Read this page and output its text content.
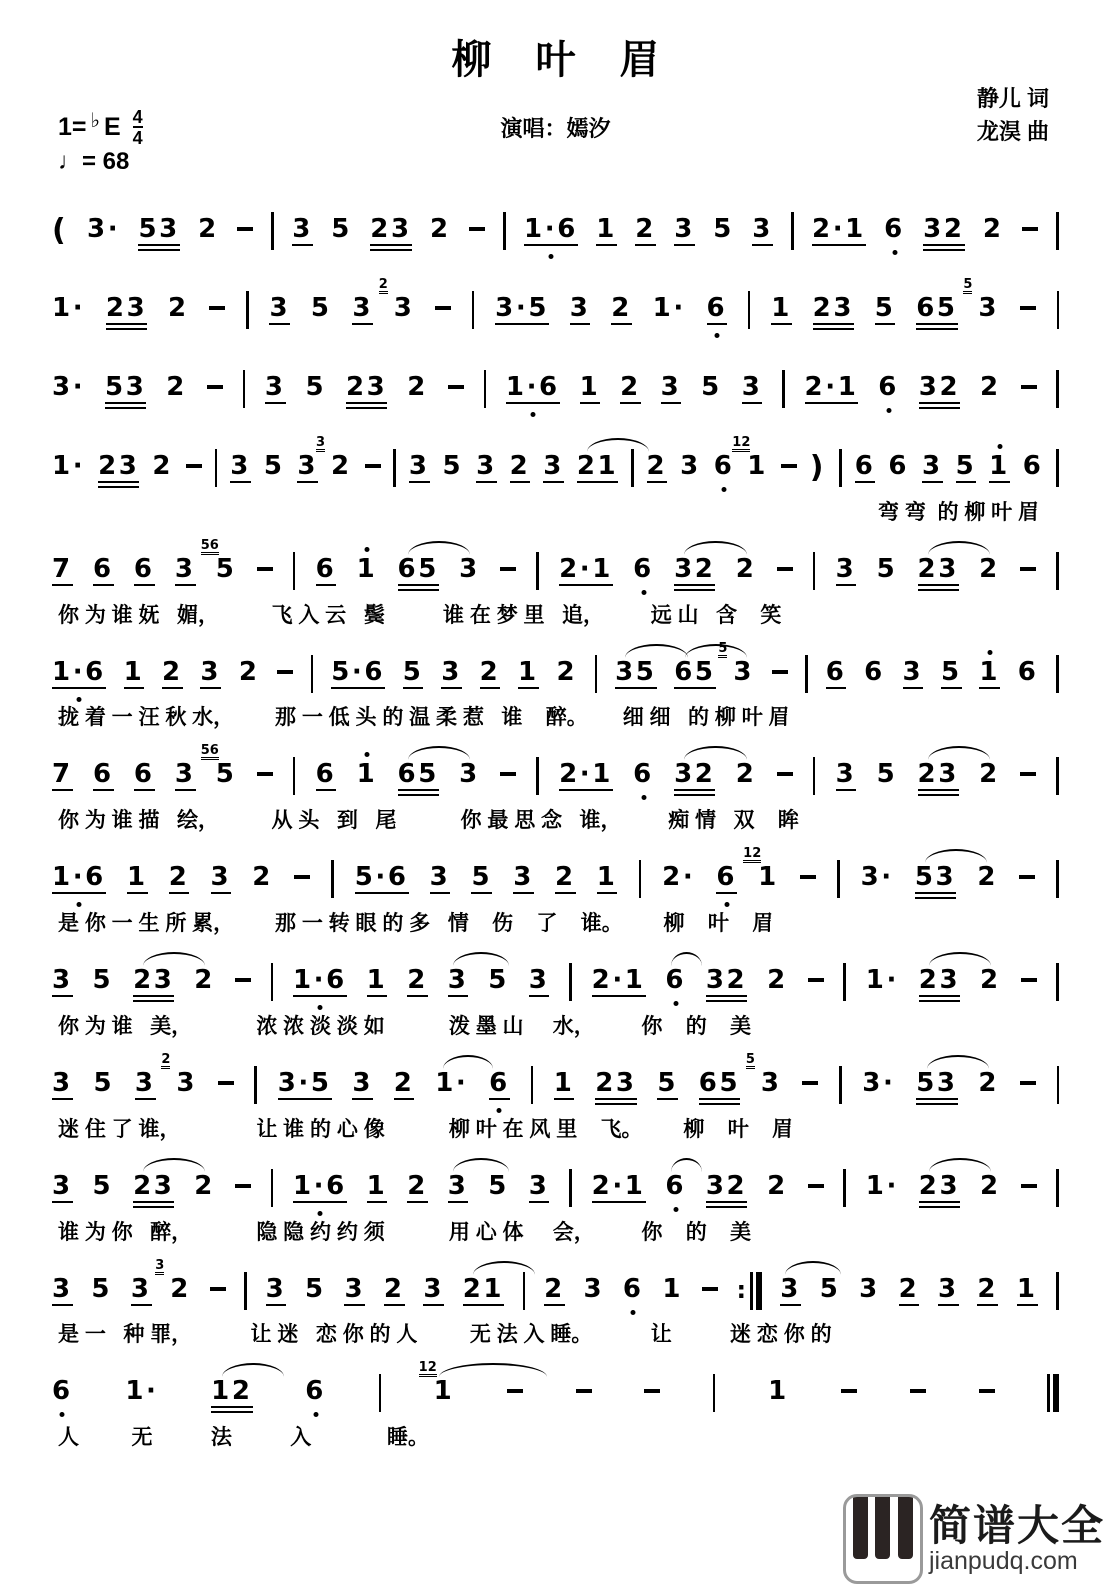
柳叶眉
静儿 词
龙淏 曲
演唱：嫣汐
1= ♭ E 4
4
♩= 68
( 3· 53 2	3 5 23 2	1·6 1 2 3 5 3 2·1 6 32 2
1· 23 2	3 5 3 3
2
3·5 3 2 1· 6 1 23 5 65 3
5
3· 53 2	3 5 23 2	1·6 1 2 3 5 3 2·1 6 32 2
1· 23 2 3 5 3 2
3
3 5 3 2 3 21 2 3 6 1
12
) 6 6 3 5 1 6
弯 弯  的 柳 叶 眉
7 6 6 3 5
56
6 1 65 3	2·1 6 32 2	3 5 23 2
你 为 谁 妩   媚，         飞 入 云   鬓          谁 在 梦 里   追，        远 山   含    笑
1·6 1 2 3 2	5·6 5 3 2 1 2 35 65 3
5
6 6 3 5 1 6
拢 着 一 汪 秋 水，       那 一 低 头 的 温 柔 惹   谁    醉。      细 细   的 柳 叶 眉
7 6 6 3 5
56
6 1 65 3	2·1 6 32 2	3 5 23 2
你 为 谁 描   绘，         从 头   到   尾           你 最 思 念   谁，        痴 情   双    眸
1·6 1 2 3 2	5·6 3 5 3 2 1 2· 6 1
12
3· 53 2
是 你 一 生 所 累，       那 一 转 眼 的 多   情    伤    了    谁。       柳    叶    眉
3 5 23 2	1·6 1 2 3 5 3 2·1 6 32 2	1· 23 2
你 为 谁   美，           浓 浓 淡 淡 如           泼 墨 山     水，        你    的    美
3 5 3 3
2
3·5 3 2 1· 6 1 23 5 65 3
5
3· 53 2
迷 住 了 谁，             让 谁 的 心 像           柳 叶 在 风 里    飞。       柳    叶    眉
3 5 23 2	1·6 1 2 3 5 3 2·1 6 32 2	1· 23 2
谁 为 你   醉，           隐 隐 约 约 须           用 心 体     会，        你    的    美
3 5 3 2
3
3 5 3 2 3 21 2 3 6 1 : 3 5 3 2 3 2 1
是 一   种 罪，          让 迷   恋 你 的 人         无 法 入 睡。          让          迷 恋 你 的
6 1· 12 6	1
12
1
人         无          法          入             睡。
简谱大全
jianpudq.com
